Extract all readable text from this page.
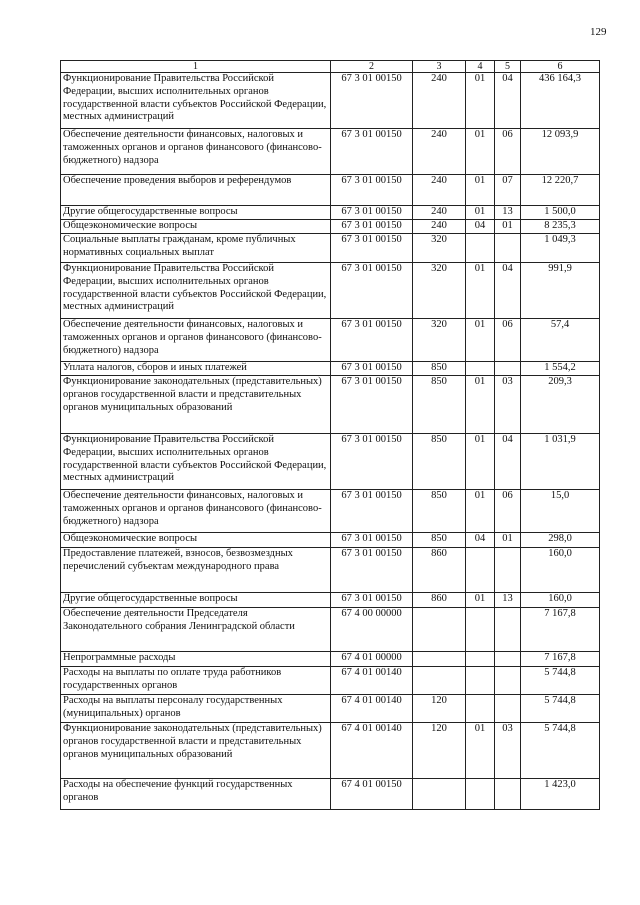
129
1	2	3	4	5	6
Функционирование Правительства Российской Федерации, высших исполнительных органов государственной власти субъектов Российской Федерации, местных администраций	67 3 01 00150	240	01	04	436 164,3
Обеспечение деятельности финансовых, налоговых и таможенных органов и органов финансового (финансово-бюджетного) надзора	67 3 01 00150	240	01	06	12 093,9
Обеспечение проведения выборов и референдумов	67 3 01 00150	240	01	07	12 220,7
Другие общегосударственные вопросы	67 3 01 00150	240	01	13	1 500,0
Общеэкономические вопросы	67 3 01 00150	240	04	01	8 235,3
Социальные выплаты гражданам, кроме публичных нормативных социальных выплат	67 3 01 00150	320			1 049,3
Функционирование Правительства Российской Федерации, высших исполнительных органов государственной власти субъектов Российской Федерации, местных администраций	67 3 01 00150	320	01	04	991,9
Обеспечение деятельности финансовых, налоговых и таможенных органов и органов финансового (финансово-бюджетного) надзора	67 3 01 00150	320	01	06	57,4
Уплата налогов, сборов и иных платежей	67 3 01 00150	850			1 554,2
Функционирование законодательных (представительных) органов государственной власти и представительных органов муниципальных образований	67 3 01 00150	850	01	03	209,3
Функционирование Правительства Российской Федерации, высших исполнительных органов государственной власти субъектов Российской Федерации, местных администраций	67 3 01 00150	850	01	04	1 031,9
Обеспечение деятельности финансовых, налоговых и таможенных органов и органов финансового (финансово-бюджетного) надзора	67 3 01 00150	850	01	06	15,0
Общеэкономические вопросы	67 3 01 00150	850	04	01	298,0
Предоставление платежей, взносов, безвозмездных перечислений субъектам международного права	67 3 01 00150	860			160,0
Другие общегосударственные вопросы	67 3 01 00150	860	01	13	160,0
Обеспечение деятельности Председателя Законодательного собрания Ленинградской области	67 4 00 00000				7 167,8
Непрограммные расходы	67 4 01 00000				7 167,8
Расходы на выплаты по оплате труда работников государственных органов	67 4 01 00140				5 744,8
Расходы на выплаты персоналу государственных (муниципальных) органов	67 4 01 00140	120			5 744,8
Функционирование законодательных (представительных) органов государственной власти и представительных органов муниципальных образований	67 4 01 00140	120	01	03	5 744,8
Расходы на обеспечение функций государственных органов	67 4 01 00150				1 423,0
